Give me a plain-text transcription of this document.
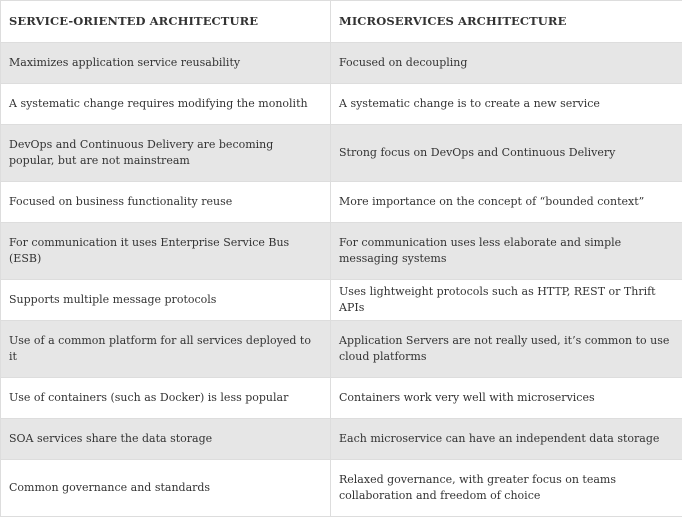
SERVICE-ORIENTED ARCHITECTURE	MICROSERVICES ARCHITECTURE
Maximizes application service reusability	Focused on decoupling
A systematic change requires modifying the monolith	A systematic change is to create a new service
DevOps and Continuous Delivery are becoming popular, but are not mainstream	Strong focus on DevOps and Continuous Delivery
Focused on business functionality reuse	More importance on the concept of “bounded context”
For communication it uses Enterprise Service Bus (ESB)	For communication uses less elaborate and simple messaging systems
Supports multiple message protocols	Uses lightweight protocols such as HTTP, REST or Thrift APIs
Use of a common platform for all services deployed to it	Application Servers are not really used, it’s common to use cloud platforms
Use of containers (such as Docker) is less popular	Containers work very well with microservices
SOA services share the data storage	Each microservice can have an independent data storage
Common governance and standards	Relaxed governance, with greater focus on teams collaboration and freedom of choice
